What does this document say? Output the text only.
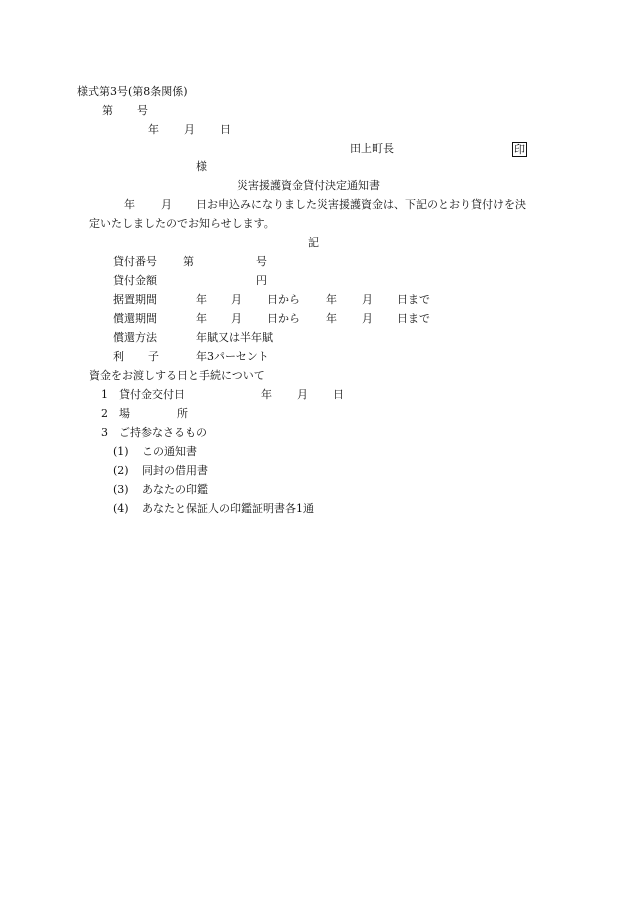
様式第3号(第8条関係)
第 号
年 月 日
田上町長	印
様
災害援護資金貸付決定通知書
年 月 日お申込みになりました災害援護資金は、下記のとおり貸付けを決
定いたしましたのでお知らせします。
記
貸付番号 第	号
貸付金額	円
据置期間	年 月 日から 年 月 日まで
償還期間	年 月 日から 年 月 日まで
償還方法	年賦又は半年賦
利 子	年3パーセント
資金をお渡しする日と手続について
1 貸付金交付日	年 月 日
2 場	所
3 ご持参なさるもの
(1) この通知書
(2) 同封の借用書
(3) あなたの印鑑
(4) あなたと保証人の印鑑証明書各1通
